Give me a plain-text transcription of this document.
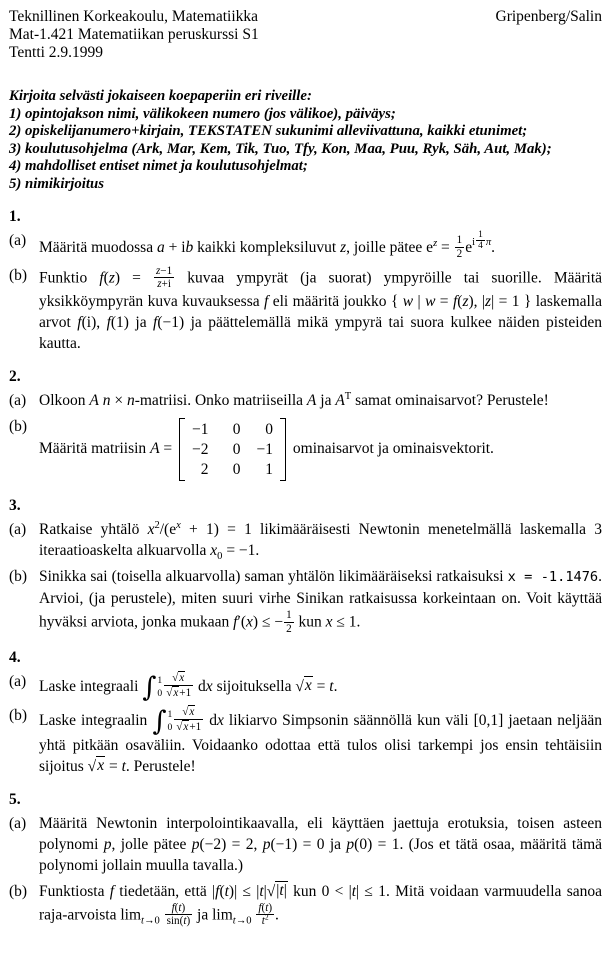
Teknillinen Korkeakoulu, Matematiikka
Mat-1.421 Matematiikan peruskurssi S1
Tentti 2.9.1999
Gripenberg/Salin
Kirjoita selvästi jokaiseen koepaperiin eri riveille:
1) opintojakson nimi, välikokeen numero (jos välikoe), päiväys;
2) opiskelijanumero+kirjain, TEKSTATEN sukunimi alleviivattuna, kaikki etunimet;
3) koulutusohjelma (Ark, Mar, Kem, Tik, Tuo, Tfy, Kon, Maa, Puu, Ryk, Säh, Aut, Mak);
4) mahdolliset entiset nimet ja koulutusohjelmat;
5) nimikirjoitus
1.
(a) Määritä muodossa a + ib kaikki kompleksiluvut z, joille pätee $e^z = \frac{1}{2} e^{i \frac{1}{4} \pi}$.
(b) Funktio $f(z) = \frac{z-1}{z+i}$ kuvaa ympyrät (ja suorat) ympyröille tai suorille. Määritä yksikköympyrän kuva kuvauksessa f eli määritä joukko { w | w = f(z), |z| = 1 } laskemalla arvot f(i), f(1) ja f(−1) ja päättelemällä mikä ympyrä tai suora kulkee näiden pisteiden kautta.
2.
(a) Olkoon A n × n-matriisi. Onko matriiseilla A ja $A^T$ samat ominaisarvot? Perustele!
(b)
Määritä matriisin A =
−1	0	0
−2	0 −1
2	0	1
ominaisarvot ja ominaisvektorit.
3.
(a) Ratkaise yhtälö $x^2/(e^x + 1) = 1$ likimääräisesti Newtonin menetelmällä laskemalla 3 iteraatioaskelta alkuarvolla $x_0 = -1$.
(b) Sinikka sai (toisella alkuarvolla) saman yhtälön likimääräiseksi ratkaisuksi x = -1.1476. Arvioi, (ja perustele), miten suuri virhe Sinikan ratkaisussa korkeintaan on. Voit käyttää hyväksi arviota, jonka mukaan f′(x) ≤ − $\frac{1}{2}$ kun x ≤ 1.
4.
(a) Laske integraali ∫ 1
$0 \frac{√ x}{√ x +1}$ dx sijoituksella √ x = t.
(b) Laske integraalin ∫ 1
$0 \frac{√ x}{√ x +1}$ dx likiarvo Simpsonin säännöllä kun väli [0,1] jaetaan neljään yhtä pitkään osaväliin. Voidaanko odottaa että tulos olisi tarkempi jos ensin tehtäisiin sijoitus √ x = t. Perustele!
5.
(a) Määritä Newtonin interpolointikaavalla, eli käyttäen jaettuja erotuksia, toisen asteen polynomi p, jolle pätee p(−2) = 2, p(−1) = 0 ja p(0) = 1. (Jos et tätä osaa, määritä tämä polynomi jollain muulla tavalla.)
(b) Funktiosta f tiedetään, että |f(t)| ≤ |t| √ |t| kun 0 < |t| ≤ 1. Mitä voidaan varmuudella sanoa raja-arvoista $\lim_{t\to 0} \frac{f(t)}{\sin(t)}$ ja $\lim_{t\to 0} \frac{f(t)}{t^2}$ .
